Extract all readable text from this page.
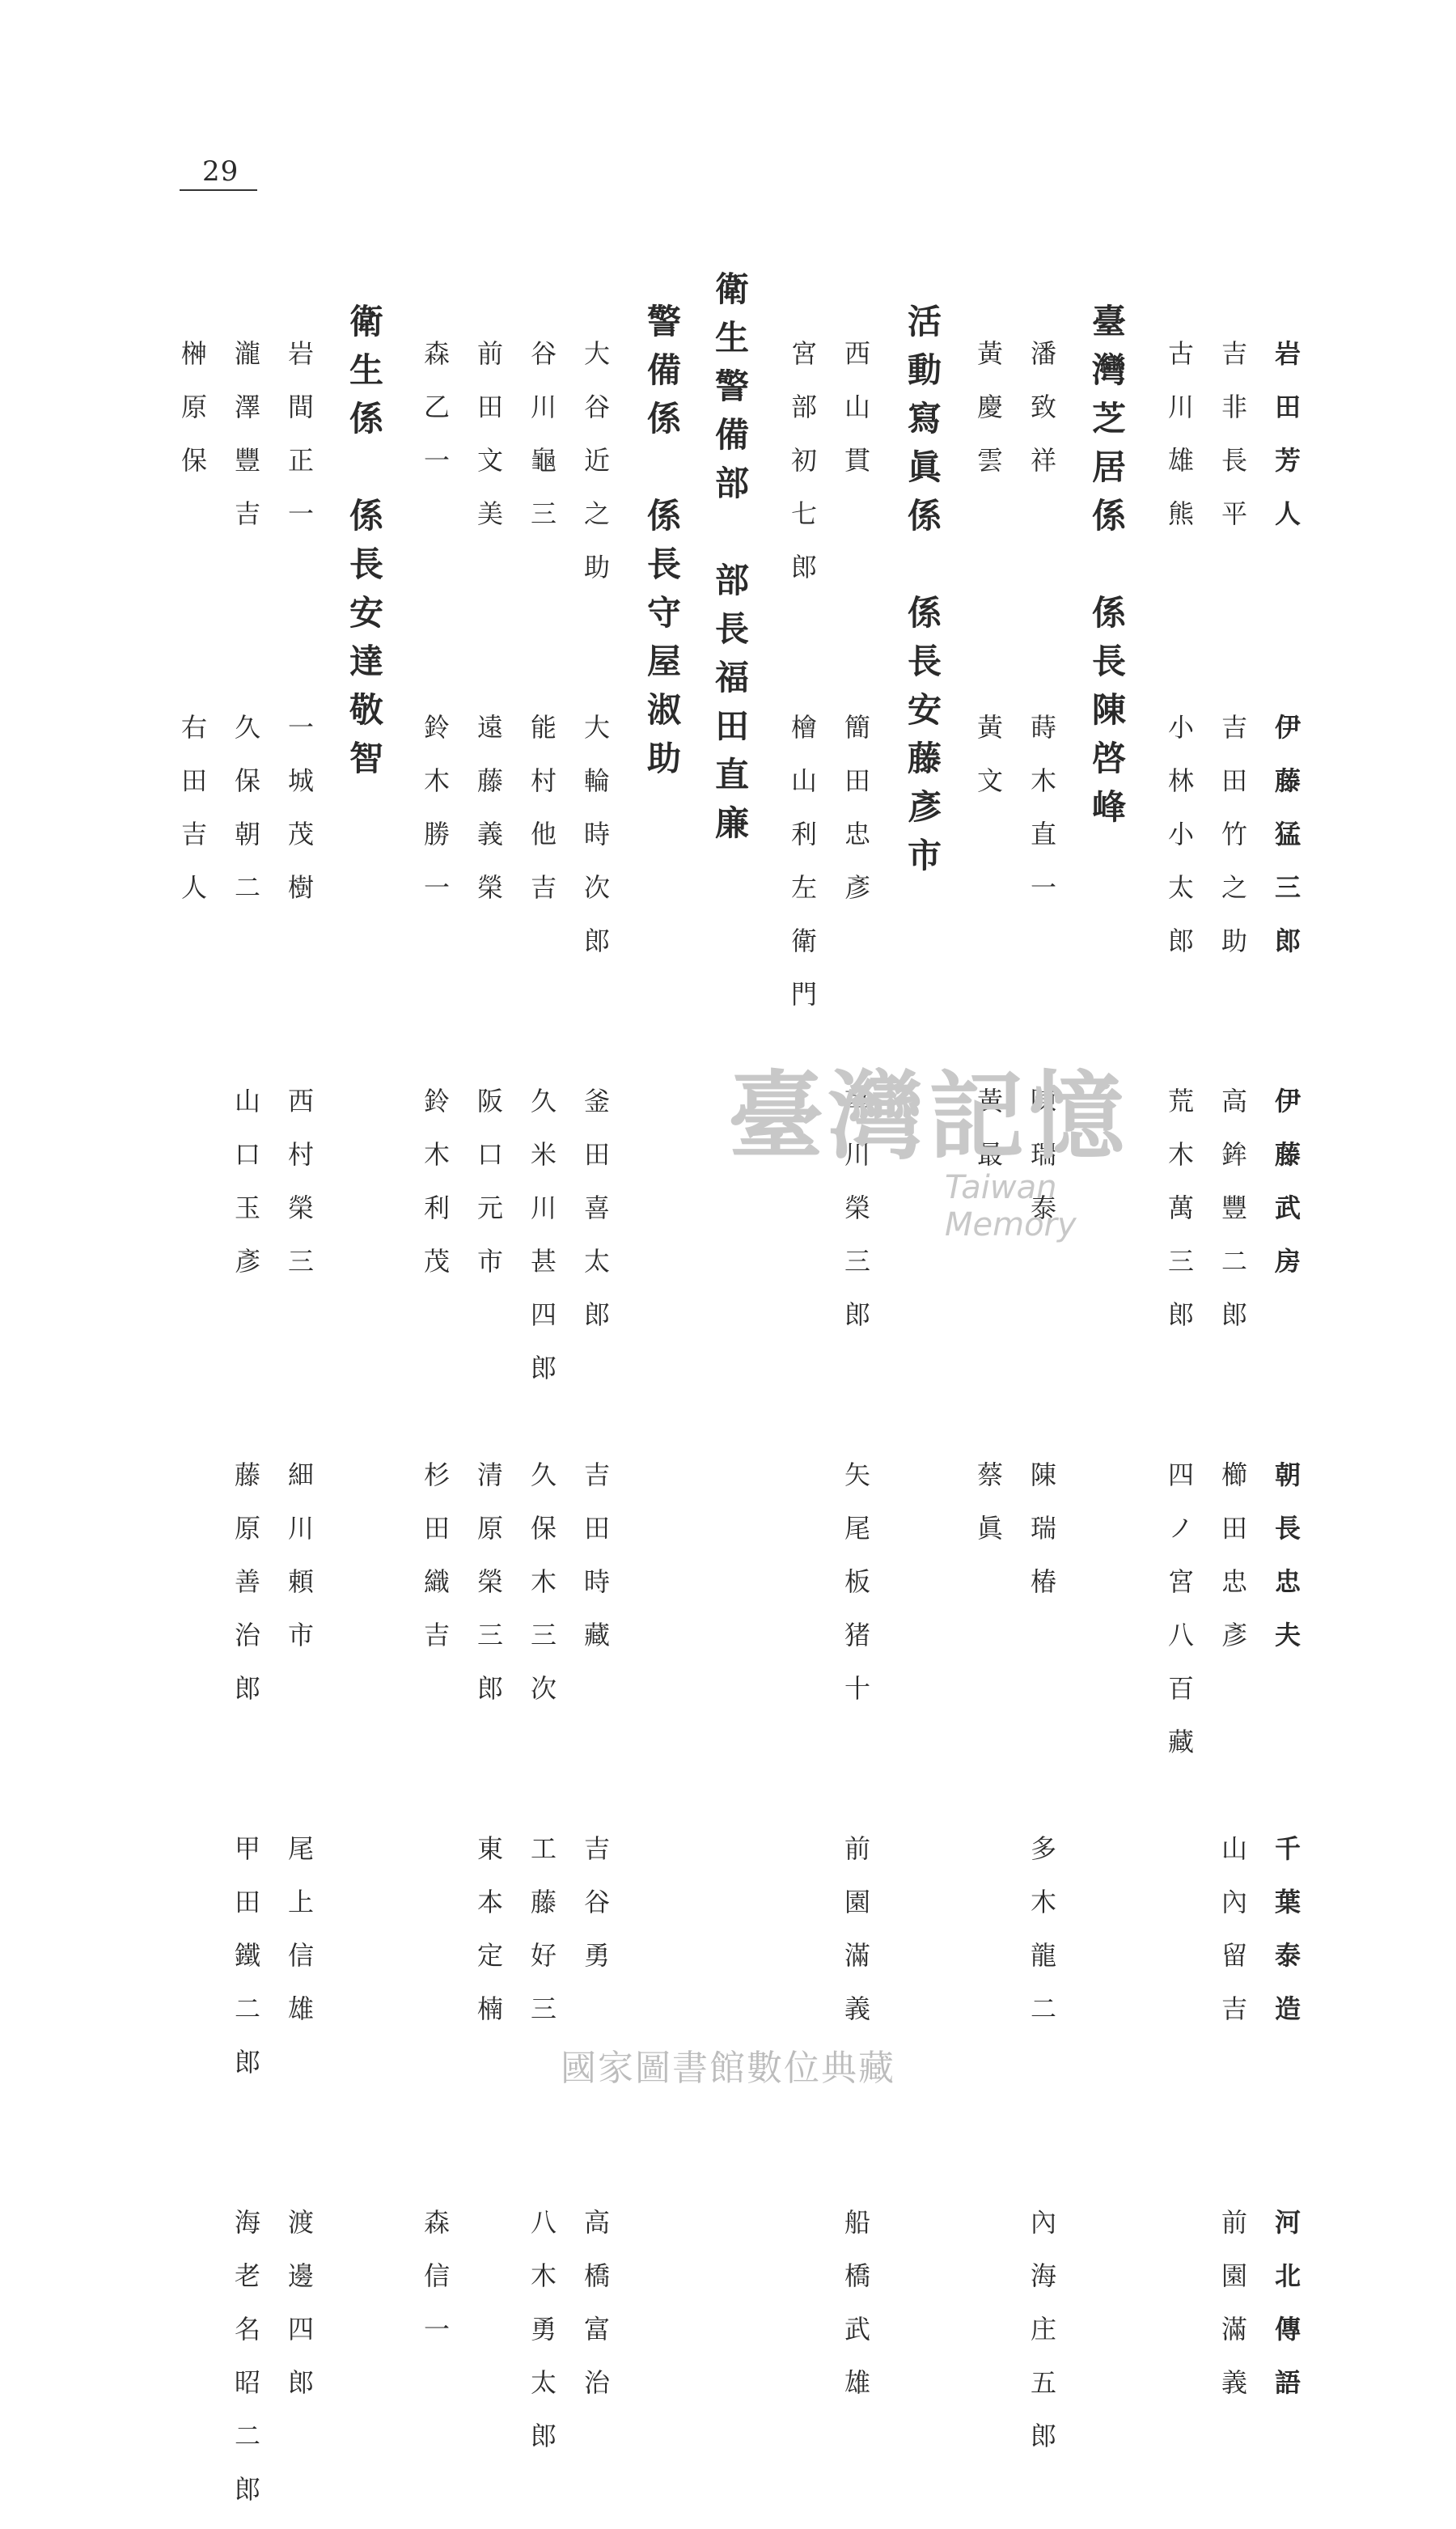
29
岩田芳人　　　伊藤猛三郎　　伊藤武房　　　朝長忠夫　　　千葉泰造　　　河北傳語
吉非長平　　　吉田竹之助　　高鉾豐二郎　　櫛田忠彥　　　山內留吉　　　前園滿義
古川雄熊　　　小林小太郎　　荒木萬三郎　　四ノ宮八百藏
臺灣芝居係　係長陳啓峰
潘致祥　　　　蒔木直一　　　陳瑞泰　　　　陳瑞椿　　　　多木龍二　　　內海庄五郎
黃慶雲　　　　黃文　　　　　黃最　　　　　蔡眞
活動寫眞係　係長安藤彥市
西山貫　　　　簡田忠彥　　　草川榮三郎　　矢尾板猪十　　前園滿義　　　船橋武雄
宮部初七郎　　檜山利左衛門
衛生警備部　部長福田直廉
警備係　係長守屋淑助
大谷近之助　　大輪時次郎　　釜田喜太郎　　吉田時藏　　　吉谷勇　　　　高橋富治
谷川龜三　　　能村他吉　　　久米川甚四郎　久保木三次　　工藤好三　　　八木勇太郎
前田文美　　　遠藤義榮　　　阪口元市　　　清原榮三郎　　東本定楠
森乙一　　　　鈴木勝一　　　鈴木利茂　　　杉田織吉　　　　　　　　　　森信一
衛生係　係長安達敬智
岩間正一　　　一城茂樹　　　西村榮三　　　細川頼市　　　尾上信雄　　　渡邊四郎
瀧澤豐吉　　　久保朝二　　　山口玉彥　　　藤原善治郎　　甲田鐵二郎　　海老名昭二郎
榊原保　　　　右田吉人
臺灣記憶
Taiwan Memory
國家圖書館數位典藏
